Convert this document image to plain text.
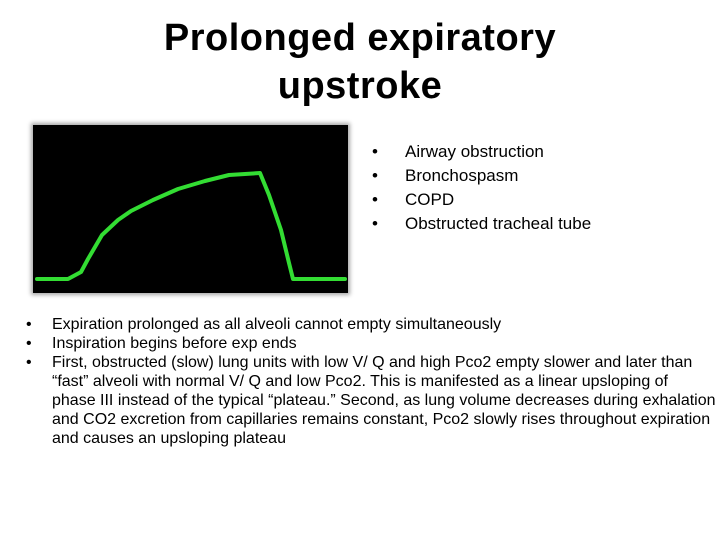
Prolonged expiratory
upstroke
• Airway obstruction
• Bronchospasm
• COPD
• Obstructed tracheal tube
• Expiration prolonged as all alveoli cannot empty simultaneously
• Inspiration begins before exp ends
• First, obstructed (slow) lung units with low V/ Q and high Pco2 empty slower and later than “fast” alveoli with normal V/ Q and low Pco2. This is manifested as a linear upsloping of phase III instead of the typical “plateau.” Second, as lung volume decreases during exhalation and CO2 excretion from capillaries remains constant, Pco2 slowly rises throughout expiration and causes an upsloping plateau
